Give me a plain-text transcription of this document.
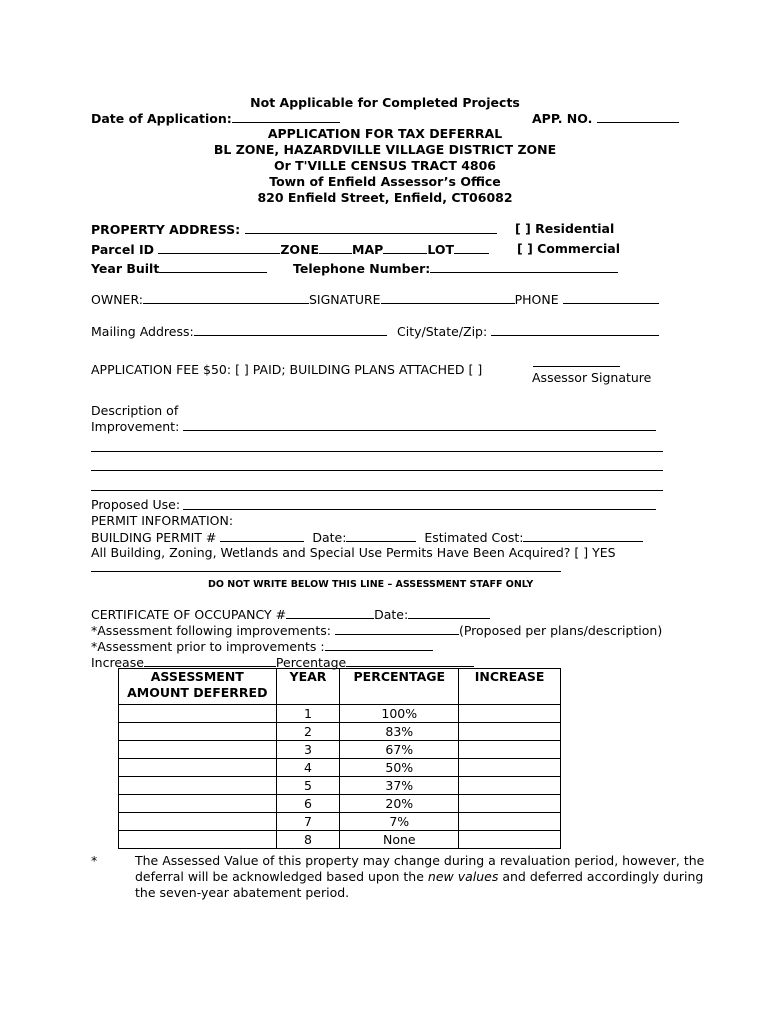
Not Applicable for Completed Projects
Date of Application:	APP. NO.
APPLICATION FOR TAX DEFERRAL
BL ZONE, HAZARDVILLE VILLAGE DISTRICT ZONE
Or T'VILLE CENSUS TRACT 4806
Town of Enfield Assessor’s Office
820 Enfield Street, Enfield, CT06082
PROPERTY ADDRESS:	[ ] Residential
Parcel ID	ZONE	MAP	LOT	[ ] Commercial
Year Built	Telephone Number:
OWNER:	SIGNATURE	PHONE
Mailing Address:	City/State/Zip:
APPLICATION FEE $50: [ ] PAID; BUILDING PLANS ATTACHED [ ]
Assessor Signature
Description of
Improvement:
Proposed Use:
PERMIT INFORMATION:
BUILDING PERMIT #	Date:	Estimated Cost:
All Building, Zoning, Wetlands and Special Use Permits Have Been Acquired? [ ] YES
DO NOT WRITE BELOW THIS LINE – ASSESSMENT STAFF ONLY
CERTIFICATE OF OCCUPANCY #	Date:
*Assessment following improvements:	(Proposed per plans/description)
*Assessment prior to improvements :
Increase	Percentage
ASSESSMENT AMOUNT DEFERRED	YEAR	PERCENTAGE	INCREASE
	1	100%	
	2	83%	
	3	67%	
	4	50%	
	5	37%	
	6	20%	
	7	7%	
	8	None	
*	The Assessed Value of this property may change during a revaluation period, however, the deferral will be acknowledged based upon the new values and deferred accordingly during the seven-year abatement period.
